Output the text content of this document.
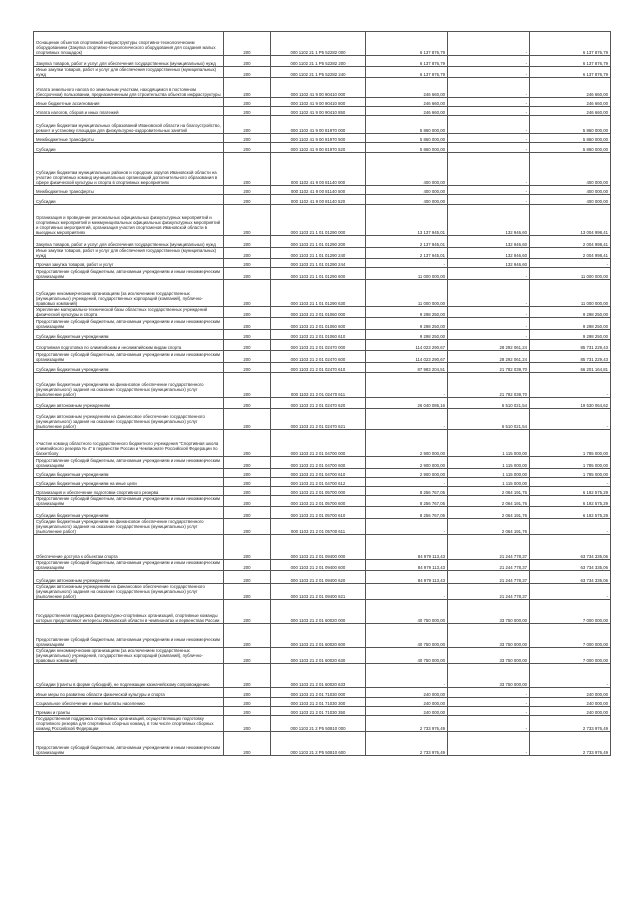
Оснащение объектов спортивной инфраструктуры спортивно-технологическим оборудованием (Закупка спортивно-технологического оборудования для создания малых спортивных площадок)	200	000 1102 21 1 P5 52282 000	6 137 876,79	-	6 137 876,79
Закупка товаров, работ и услуг для обеспечения государственных (муниципальных) нужд	200	000 1102 21 1 P5 52282 200	6 137 876,79	-	6 137 876,79
Иные закупки товаров, работ и услуг для обеспечения государственных (муниципальных) нужд	200	000 1102 21 1 P5 52282 240	6 137 876,79	-	6 137 876,79
Уплата земельного налога по земельным участкам, находящимся в постоянном (бессрочном) пользовании, предназначенным для строительства объектов инфраструктуры	200	000 1102 41 9 00 90410 000	246 660,00	-	246 660,00
Иные бюджетные ассигнования	200	000 1102 41 9 00 90410 800	246 660,00	-	246 660,00
Уплата налогов, сборов и иных платежей	200	000 1102 41 9 00 90410 850	246 660,00	-	246 660,00
Субсидии бюджетам муниципальных образований Ивановской области на благоустройство, ремонт и установку площадок для физкультурно-оздоровительных занятий	200	000 1102 41 9 00 81970 000	5 860 000,00	-	5 860 000,00
Межбюджетные трансферты	200	000 1102 41 9 00 81970 500	5 860 000,00	-	5 860 000,00
Субсидии	200	000 1102 41 9 00 81970 520	5 860 000,00	-	5 860 000,00
Субсидии бюджетам муниципальных районов и городских округов Ивановской области на участие спортивных команд муниципальных организаций дополнительного образования в сфере физической культуры и спорта в спортивных мероприятиях	200	000 1102 41 9 00 81140 000	400 000,00	-	400 000,00
Межбюджетные трансферты	200	000 1102 41 9 00 81140 500	400 000,00	-	400 000,00
Субсидии	200	000 1102 41 9 00 81140 520	400 000,00	-	400 000,00
Организация и проведение региональных официальных физкультурных мероприятий и спортивных мероприятий и межмуниципальных официальных физкультурных мероприятий и спортивных мероприятий, организация участия спортсменов Ивановской области в выездных мероприятиях	200	000 1103 21 1 01 01290 000	13 137 945,01	132 946,60	13 004 998,41
Закупка товаров, работ и услуг для обеспечения государственных (муниципальных) нужд	200	000 1103 21 1 01 01290 200	2 137 945,01	132 946,60	2 004 998,41
Иные закупки товаров, работ и услуг для обеспечения государственных (муниципальных) нужд	200	000 1103 21 1 01 01290 240	2 137 945,01	132 946,60	2 004 998,41
Прочая закупка товаров, работ и услуг	200	000 1103 21 1 01 01290 244	-	132 946,60	-
Предоставление субсидий бюджетным, автономным учреждениям и иным некоммерческим организациям	200	000 1103 21 1 01 01290 600	11 000 000,00	-	11 000 000,00
Субсидии некоммерческим организациям (за исключением государственных (муниципальных) учреждений, государственных корпораций (компаний), публично-правовых компаний)	200	000 1103 21 1 01 01290 630	11 000 000,00	-	11 000 000,00
Укрепление материально-технической базы областных государственных учреждений физической культуры и спорта	200	000 1103 21 2 01 01060 000	9 298 250,00	-	9 298 250,00
Предоставление субсидий бюджетным, автономным учреждениям и иным некоммерческим организациям	200	000 1103 21 2 01 01060 600	9 298 250,00	-	9 298 250,00
Субсидии бюджетным учреждениям	200	000 1103 21 2 01 01060 610	9 298 250,00	-	9 298 250,00
Спортивная подготовка по олимпийским и неолимпийским видам спорта	200	000 1103 21 2 01 02470 000	114 023 290,67	28 292 061,24	85 731 229,43
Предоставление субсидий бюджетным, автономным учреждениям и иным некоммерческим организациям	200	000 1103 21 2 01 02470 600	114 023 290,67	28 292 061,24	85 731 229,43
Субсидии бюджетным учреждениям	200	000 1103 21 2 01 02470 610	87 983 204,51	21 782 039,70	66 201 164,81
Субсидии бюджетным учреждениям на финансовое обеспечение государственного (муниципального) задания на оказание государственных (муниципальных) услуг (выполнение работ)	200	000 1103 21 2 01 02470 611	-	21 782 039,70	-
Субсидии автономным учреждениям	200	000 1103 21 2 01 02470 620	26 040 086,16	6 510 021,54	19 530 064,62
Субсидии автономным учреждениям на финансовое обеспечение государственного (муниципального) задания на оказание государственных (муниципальных) услуг (выполнение работ)	200	000 1103 21 2 01 02470 621	-	6 510 021,54	-
Участие команд областного государственного бюджетного учреждения "Спортивная школа олимпийского резерва № 4" в первенстве России и Чемпионате Российской Федерации по баскетболу	200	000 1103 21 2 01 04700 000	2 900 000,00	1 115 000,00	1 785 000,00
Предоставление субсидий бюджетным, автономным учреждениям и иным некоммерческим организациям	200	000 1103 21 2 01 04700 600	2 900 000,00	1 115 000,00	1 785 000,00
Субсидии бюджетным учреждениям	200	000 1103 21 2 01 04700 610	2 900 000,00	1 115 000,00	1 785 000,00
Субсидии бюджетным учреждениям на иные цели	200	000 1103 21 2 01 04700 612	-	1 115 000,00	-
Организация и обеспечение подготовки спортивного резерва	200	000 1103 21 2 01 05700 000	8 256 767,05	2 064 191,76	6 192 575,29
Предоставление субсидий бюджетным, автономным учреждениям и иным некоммерческим организациям	200	000 1103 21 2 01 05700 600	8 256 767,05	2 064 191,76	6 192 575,29
Субсидии бюджетным учреждениям	200	000 1103 21 2 01 05700 610	8 256 767,05	2 064 191,76	6 192 575,29
Субсидии бюджетным учреждениям на финансовое обеспечение государственного (муниципального) задания на оказание государственных (муниципальных) услуг (выполнение работ)	200	000 1103 21 2 01 05700 611	-	2 064 191,76	-
Обеспечение доступа к объектам спорта	200	000 1103 21 2 01 09400 000	84 979 113,43	21 244 778,37	63 734 335,06
Предоставление субсидий бюджетным, автономным учреждениям и иным некоммерческим организациям	200	000 1103 21 2 01 09400 600	84 979 113,43	21 244 778,37	63 734 335,06
Субсидии автономным учреждениям	200	000 1103 21 2 01 09400 620	84 979 113,43	21 244 778,37	63 734 335,06
Субсидии автономным учреждениям на финансовое обеспечение государственного (муниципального) задания на оказание государственных (муниципальных) услуг (выполнение работ)	200	000 1103 21 2 01 09400 621	-	21 244 778,37	-
Государственная поддержка физкультурно-спортивных организаций, спортивные команды которых представляют интересы Ивановской области в чемпионатах и первенствах России	200	000 1103 21 2 01 60020 000	40 750 000,00	33 750 000,00	7 000 000,00
Предоставление субсидий бюджетным, автономным учреждениям и иным некоммерческим организациям	200	000 1103 21 2 01 60020 600	40 750 000,00	33 750 000,00	7 000 000,00
Субсидии некоммерческим организациям (за исключением государственных (муниципальных) учреждений, государственных корпораций (компаний), публично-правовых компаний)	200	000 1103 21 2 01 60020 630	40 750 000,00	33 750 000,00	7 000 000,00
Субсидии (гранты в форме субсидий), не подлежащие казначейскому сопровождению	200	000 1103 21 2 01 60020 633	-	33 750 000,00	-
Иные меры по развитию области физической культуры и спорта	200	000 1103 21 2 01 71030 000	240 000,00	-	240 000,00
Социальное обеспечение и иные выплаты населению	200	000 1103 21 2 01 71030 300	240 000,00	-	240 000,00
Премии и гранты	200	000 1103 21 2 01 71030 350	240 000,00	-	240 000,00
Государственная поддержка спортивных организаций, осуществляющих подготовку спортивного резерва для спортивных сборных команд, в том числе спортивных сборных команд Российской Федерации	200	000 1103 21 2 P5 50810 000	2 733 976,49	-	2 733 976,49
Предоставление субсидий бюджетным, автономным учреждениям и иным некоммерческим организациям	200	000 1103 21 2 P5 50810 600	2 733 976,49	-	2 733 976,49
